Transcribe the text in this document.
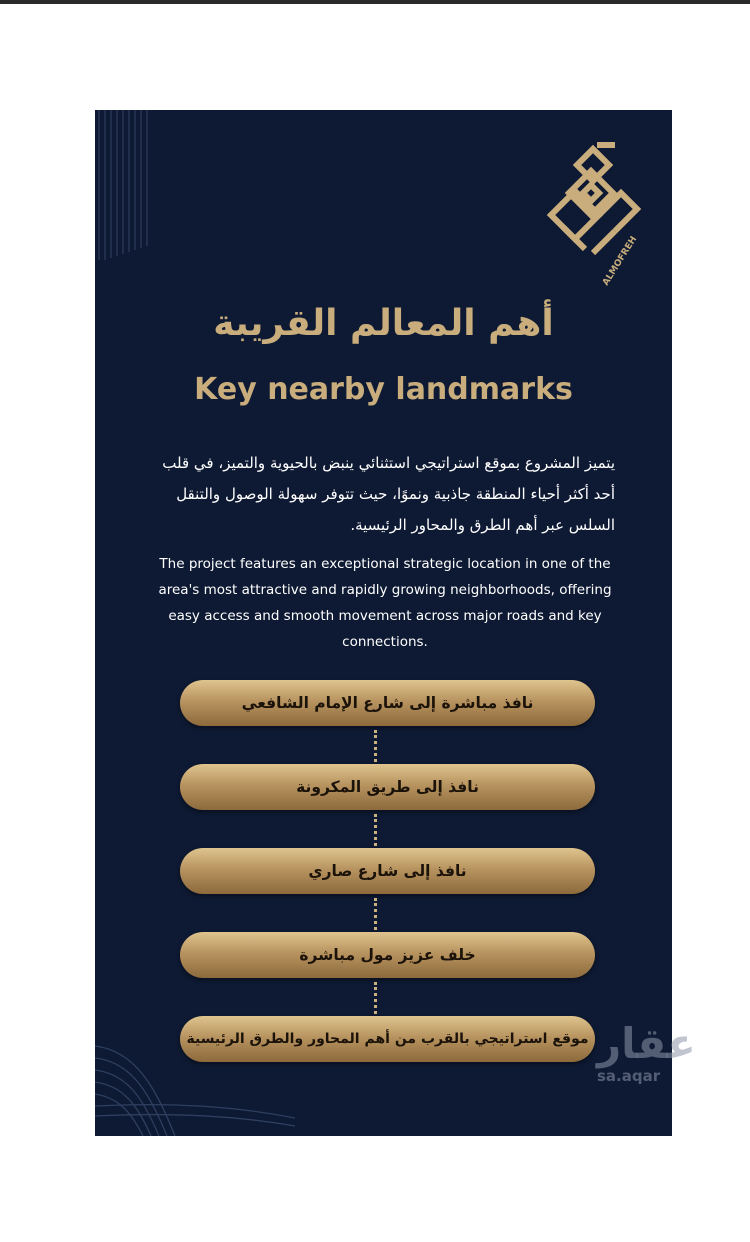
ALMOFREH
أهم المعالم القريبة
Key nearby landmarks
يتميز المشروع بموقع استراتيجي استثنائي ينبض بالحيوية والتميز، في قلب أحد أكثر أحياء المنطقة جاذبية ونموًا، حيث تتوفر سهولة الوصول والتنقل السلس عبر أهم الطرق والمحاور الرئيسية.
The project features an exceptional strategic location in one of the area's most attractive and rapidly growing neighborhoods, offering easy access and smooth movement across major roads and key connections.
نافذ مباشرة إلى شارع الإمام الشافعي
نافذ إلى طريق المكرونة
نافذ إلى شارع صاري
خلف عزيز مول مباشرة
موقع استراتيجي بالقرب من أهم المحاور والطرق الرئيسية عقار
sa.aqar
